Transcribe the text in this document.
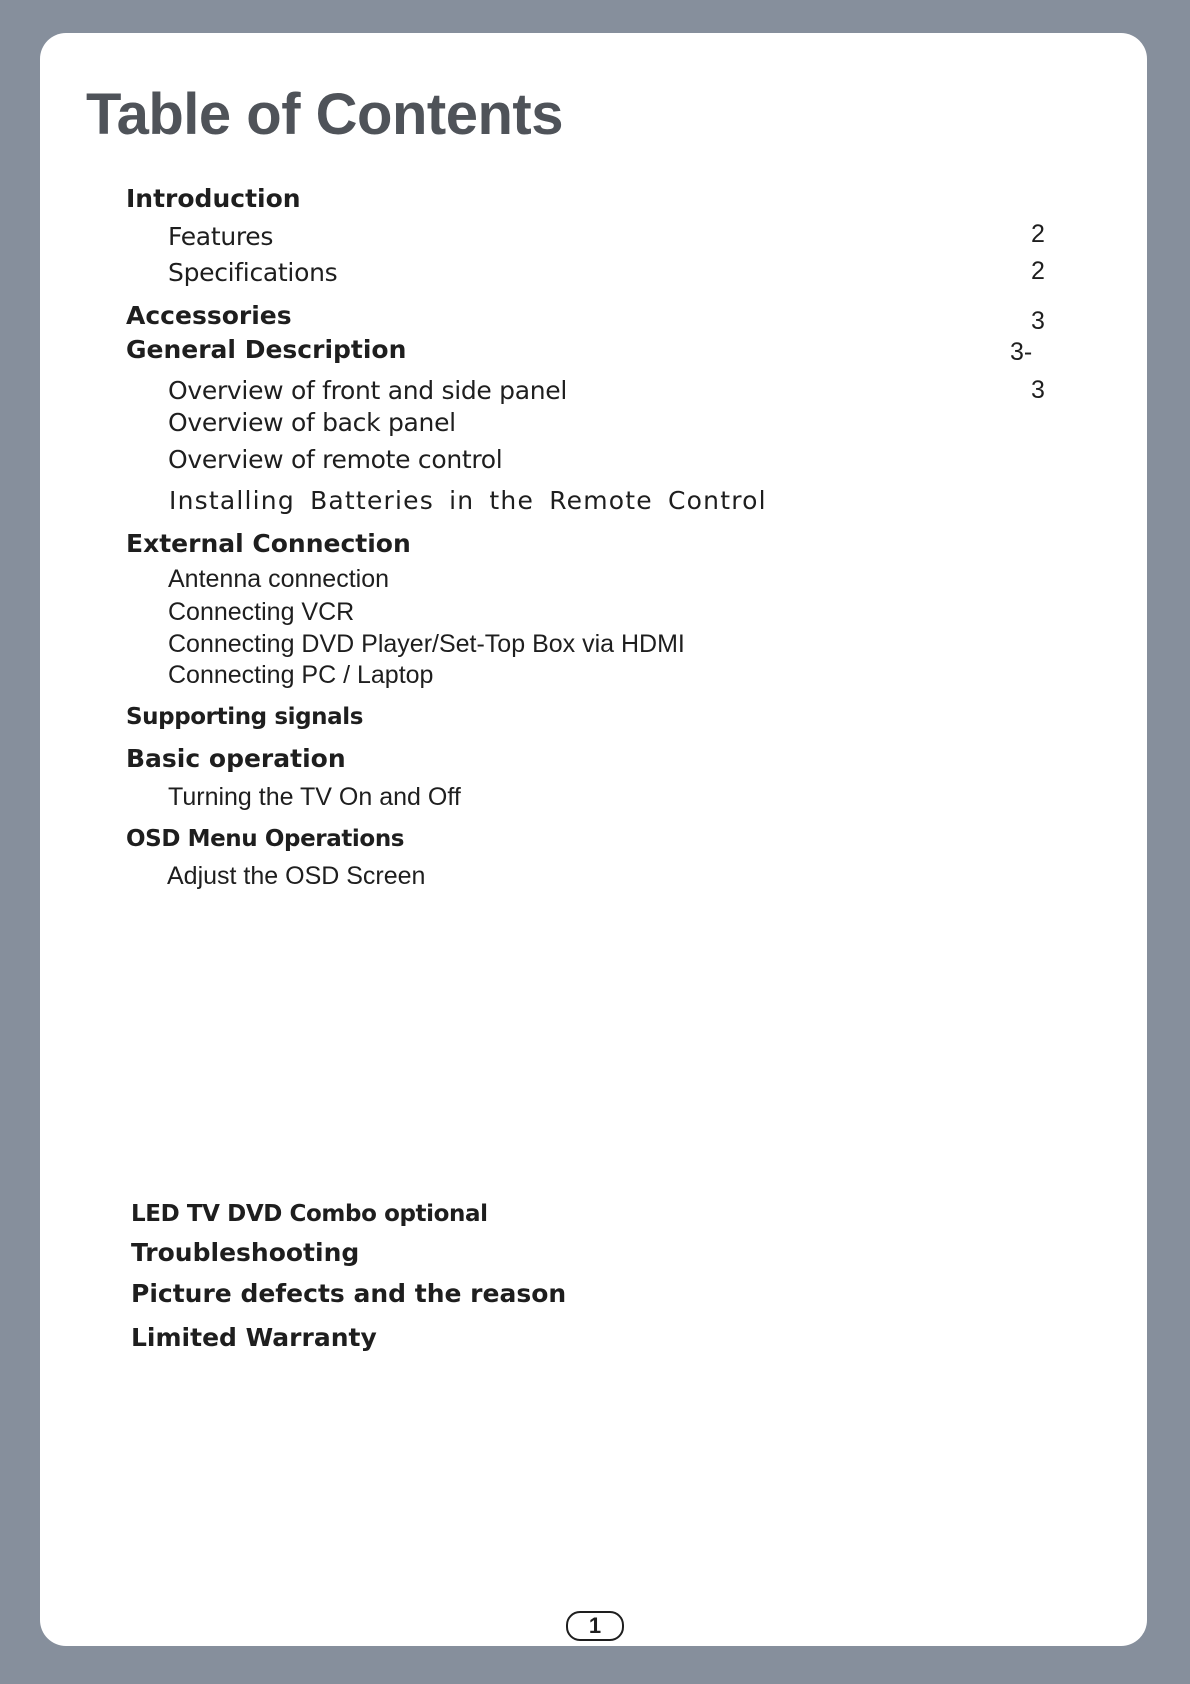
Table of Contents
Introduction
Features	2
Specifications	2
Accessories	3
General Description	3-
Overview of front and side panel	3
Overview of back panel
Overview of remote control
Installing Batteries in the Remote Control
External Connection
Antenna connection
Connecting VCR
Connecting DVD Player/Set-Top Box via HDMI
Connecting PC / Laptop
Supporting signals
Basic operation
Turning the TV On and Off
OSD Menu Operations
Adjust the OSD Screen
LED TV DVD Combo optional
Troubleshooting
Picture defects and the reason
Limited Warranty
1
